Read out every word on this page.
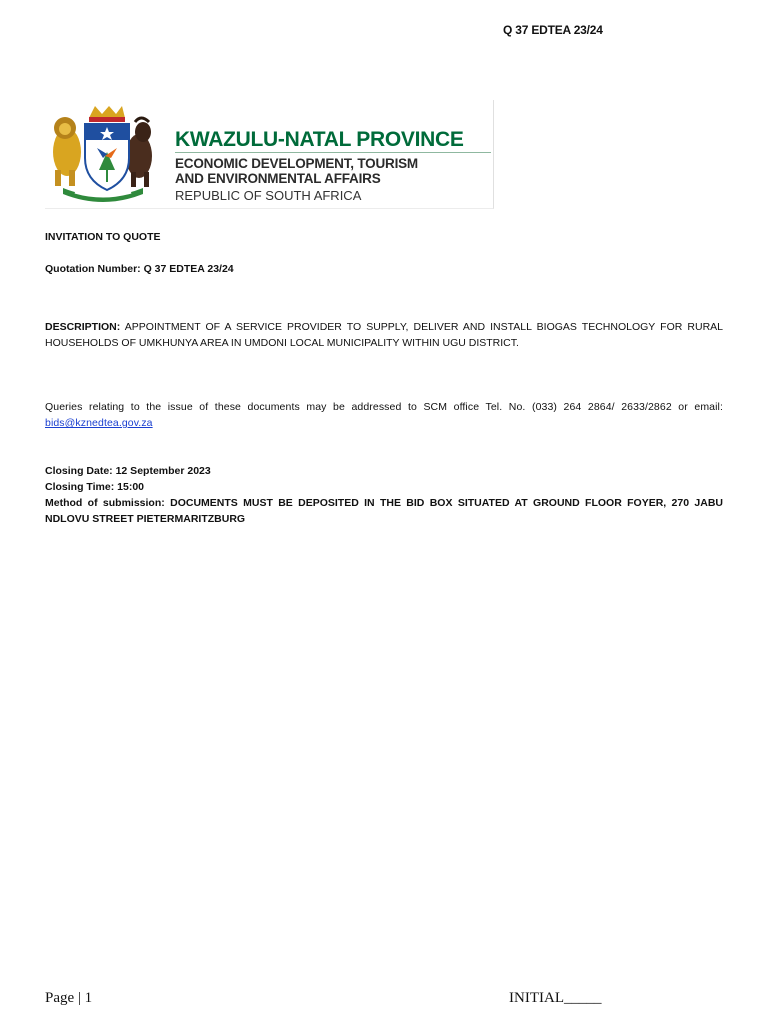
Q 37 EDTEA 23/24
KWAZULU-NATAL PROVINCE
ECONOMIC DEVELOPMENT, TOURISM
AND ENVIRONMENTAL AFFAIRS
REPUBLIC OF SOUTH AFRICA
INVITATION TO QUOTE
Quotation Number: Q 37 EDTEA 23/24
DESCRIPTION: APPOINTMENT OF A SERVICE PROVIDER TO SUPPLY, DELIVER AND INSTALL BIOGAS TECHNOLOGY FOR RURAL HOUSEHOLDS OF UMKHUNYA AREA IN UMDONI LOCAL MUNICIPALITY WITHIN UGU DISTRICT.
Queries relating to the issue of these documents may be addressed to SCM office Tel. No. (033) 264 2864/ 2633/2862 or email: bids@kznedtea.gov.za
Closing Date: 12 September 2023
Closing Time: 15:00
Method of submission: DOCUMENTS MUST BE DEPOSITED IN THE BID BOX SITUATED AT GROUND FLOOR FOYER, 270 JABU NDLOVU STREET PIETERMARITZBURG
Page | 1	INITIAL_____
